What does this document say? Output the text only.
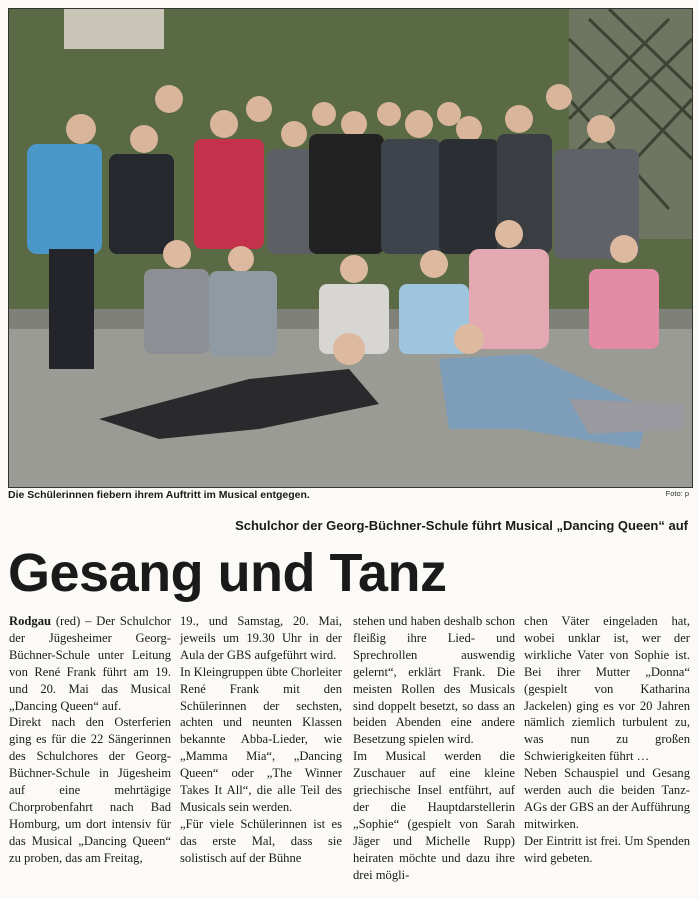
Die Schülerinnen fiebern ihrem Auftritt im Musical entgegen.	Foto: p
Schulchor der Georg-Büchner-Schule führt Musical „Dancing Queen“ auf
Gesang und Tanz
Rodgau (red) – Der Schulchor der Jügesheimer Georg-Büchner-Schule unter Leitung von René Frank führt am 19. und 20. Mai das Musical „Dancing Queen“ auf.
Direkt nach den Osterferien ging es für die 22 Sängerinnen des Schulchores der Georg-Büchner-Schule in Jügesheim auf eine mehrtägige Chorprobenfahrt nach Bad Homburg, um dort intensiv für das Musical „Dancing Queen“ zu proben, das am Freitag,
19., und Samstag, 20. Mai, jeweils um 19.30 Uhr in der Aula der GBS aufgeführt wird.
In Kleingruppen übte Chorleiter René Frank mit den Schülerinnen der sechsten, achten und neunten Klassen bekannte Abba-Lieder, wie „Mamma Mia“, „Dancing Queen“ oder „The Winner Takes It All“, die alle Teil des Musicals sein werden.
„Für viele Schülerinnen ist es das erste Mal, dass sie solistisch auf der Bühne
stehen und haben deshalb schon fleißig ihre Lied- und Sprechrollen auswendig gelernt“, erklärt Frank. Die meisten Rollen des Musicals sind doppelt besetzt, so dass an beiden Abenden eine andere Besetzung spielen wird.
Im Musical werden die Zuschauer auf eine kleine griechische Insel entführt, auf der die Hauptdarstellerin „Sophie“ (gespielt von Sarah Jäger und Michelle Rupp) heiraten möchte und dazu ihre drei mögli-
chen Väter eingeladen hat, wobei unklar ist, wer der wirkliche Vater von Sophie ist. Bei ihrer Mutter „Donna“ (gespielt von Katharina Jackelen) ging es vor 20 Jahren nämlich ziemlich turbulent zu, was nun zu großen Schwierigkeiten führt …
Neben Schauspiel und Gesang werden auch die beiden Tanz-AGs der GBS an der Aufführung mitwirken.
Der Eintritt ist frei. Um Spenden wird gebeten.
